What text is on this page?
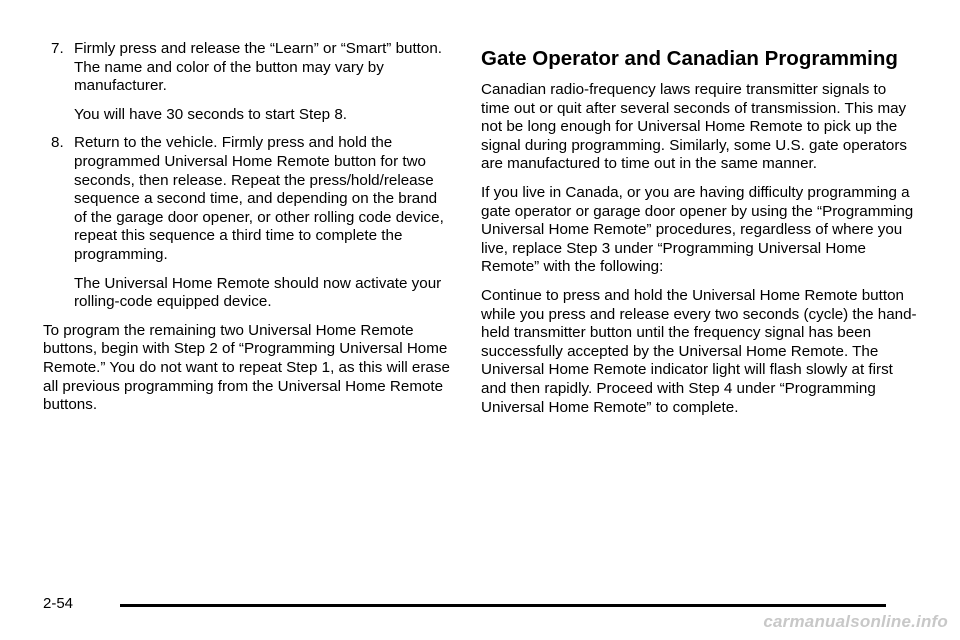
7. Firmly press and release the “Learn” or “Smart” button. The name and color of the button may vary by manufacturer.

You will have 30 seconds to start Step 8.

8. Return to the vehicle. Firmly press and hold the programmed Universal Home Remote button for two seconds, then release. Repeat the press/hold/release sequence a second time, and depending on the brand of the garage door opener, or other rolling code device, repeat this sequence a third time to complete the programming.

The Universal Home Remote should now activate your rolling-code equipped device.

To program the remaining two Universal Home Remote buttons, begin with Step 2 of “Programming Universal Home Remote.” You do not want to repeat Step 1, as this will erase all previous programming from the Universal Home Remote buttons.

Gate Operator and Canadian Programming

Canadian radio-frequency laws require transmitter signals to time out or quit after several seconds of transmission. This may not be long enough for Universal Home Remote to pick up the signal during programming. Similarly, some U.S. gate operators are manufactured to time out in the same manner.

If you live in Canada, or you are having difficulty programming a gate operator or garage door opener by using the “Programming Universal Home Remote” procedures, regardless of where you live, replace Step 3 under “Programming Universal Home Remote” with the following:

Continue to press and hold the Universal Home Remote button while you press and release every two seconds (cycle) the hand-held transmitter button until the frequency signal has been successfully accepted by the Universal Home Remote. The Universal Home Remote indicator light will flash slowly at first and then rapidly. Proceed with Step 4 under “Programming Universal Home Remote” to complete.

2-54
carmanualsonline.info
